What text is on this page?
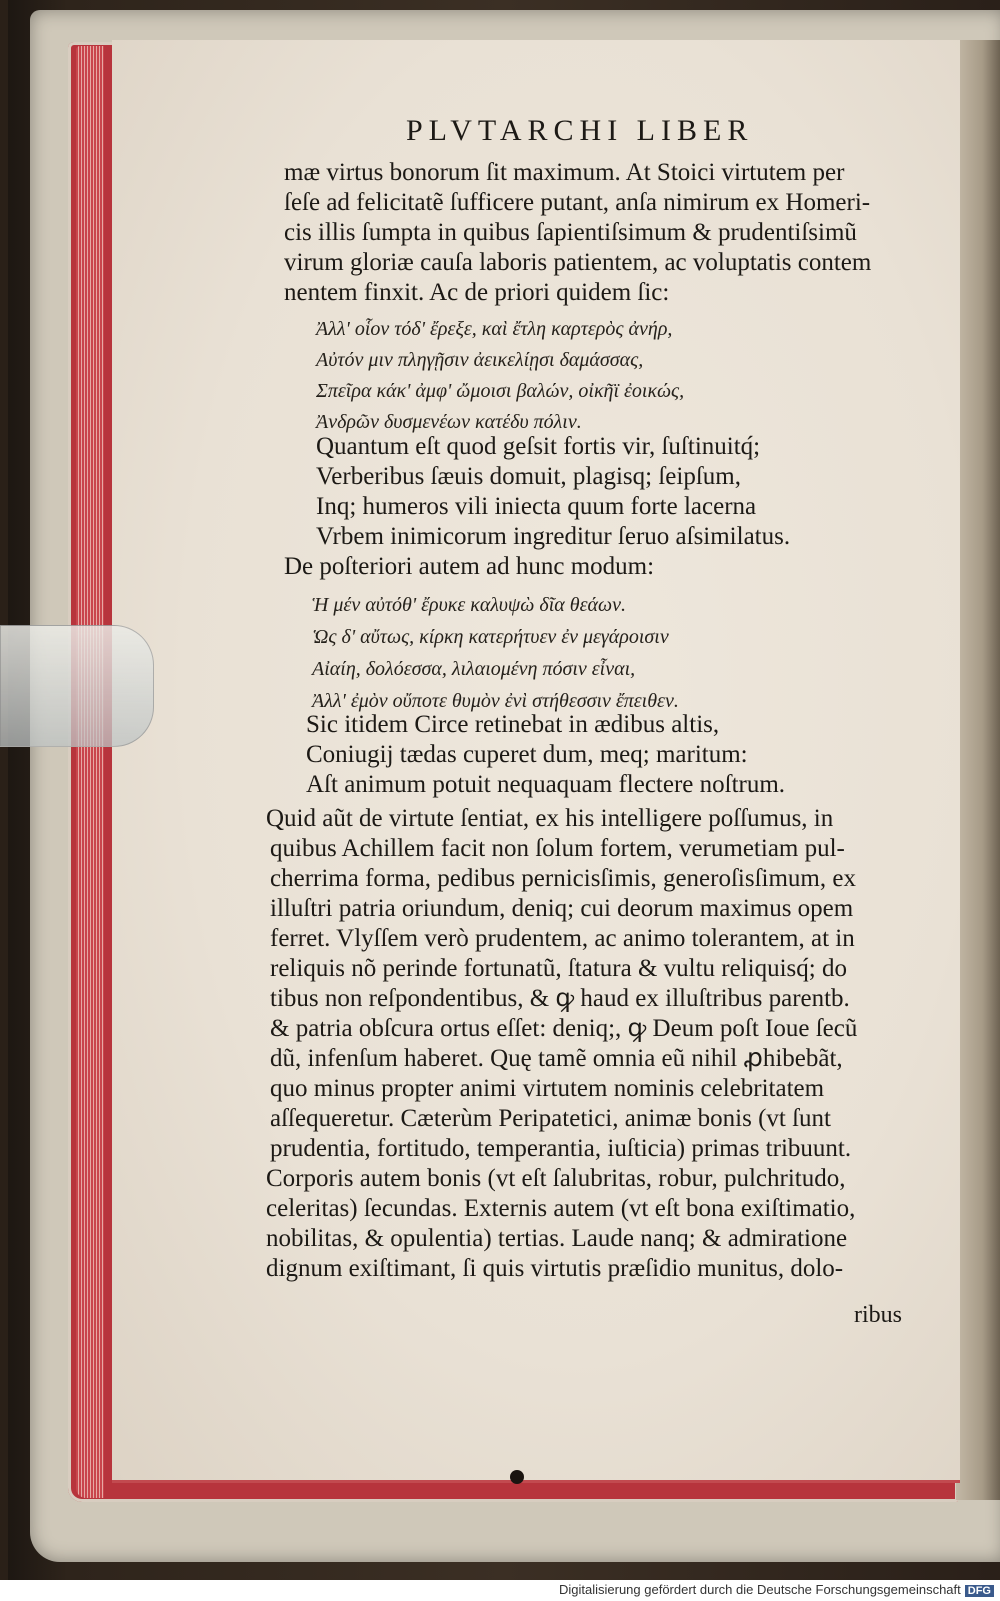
PLVTARCHI LIBER
mæ virtus bonorum ſit maximum. At Stoici virtutem per
ſeſe ad felicitatẽ ſufficere putant, anſa nimirum ex Homeri-
cis illis ſumpta in quibus ſapientiſsimum & prudentiſsimũ
virum gloriæ cauſa laboris patientem, ac voluptatis contem
nentem finxit. Ac de priori quidem ſic:
Ἀλλ' οἷον τόδ' ἔρεξε, καὶ ἔτλη καρτερὸς ἀνήρ,
Αὐτόν μιν πληγῇσιν ἀεικελίῃσι δαμάσσας,
Σπεῖρα κάκ' ἀμφ' ὤμοισι βαλών, οἰκῆϊ ἐοικώς,
Ἀνδρῶν δυσμενέων κατέδυ πόλιν.
Quantum eſt quod geſsit fortis vir, ſuſtinuitq́;
Verberibus ſæuis domuit, plagisq; ſeipſum,
Inq; humeros vili iniecta quum forte lacerna
Vrbem inimicorum ingreditur ſeruo aſsimilatus.
De poſteriori autem ad hunc modum:
Ἡ μέν αὐτόθ' ἔρυκε καλυψὼ δῖα θεάων.
Ὡς δ' αὔτως, κίρκη κατερήτυεν ἐν μεγάροισιν
Αἰαίη, δολόεσσα, λιλαιομένη πόσιν εἶναι,
Ἀλλ' ἐμὸν οὔποτε θυμὸν ἐνὶ στήθεσσιν ἔπειθεν.
Sic itidem Circe retinebat in ædibus altis,
Coniugij tædas cuperet dum, meq; maritum:
Aſt animum potuit nequaquam flectere noſtrum.
Quid aũt de virtute ſentiat, ex his intelligere poſſumus, in
quibus Achillem facit non ſolum fortem, verumetiam pul-
cherrima forma, pedibus pernicisſimis, generoſisſimum, ex
illuſtri patria oriundum, deniq; cui deorum maximus opem
ferret. Vlyſſem verò prudentem, ac animo tolerantem, at in
reliquis nõ perinde fortunatũ, ſtatura & vultu reliquisq́; do
tibus non reſpondentibus, & ꝙ haud ex illuſtribus parentb.
& patria obſcura ortus eſſet: deniq;, ꝙ Deum poſt Ioue ſecũ
dũ, infenſum haberet. Quę tamẽ omnia eũ nihil ꝓhibebãt,
quo minus propter animi virtutem nominis celebritatem
aſſequeretur. Cæterùm Peripatetici, animæ bonis (vt ſunt
prudentia, fortitudo, temperantia, iuſticia) primas tribuunt.
Corporis autem bonis (vt eſt ſalubritas, robur, pulchritudo,
celeritas) ſecundas. Externis autem (vt eſt bona exiſtimatio,
nobilitas, & opulentia) tertias. Laude nanq; & admiratione
dignum exiſtimant, ſi quis virtutis præſidio munitus, dolo-
ribus
Digitalisierung gefördert durch die Deutsche Forschungsgemeinschaft DFG
